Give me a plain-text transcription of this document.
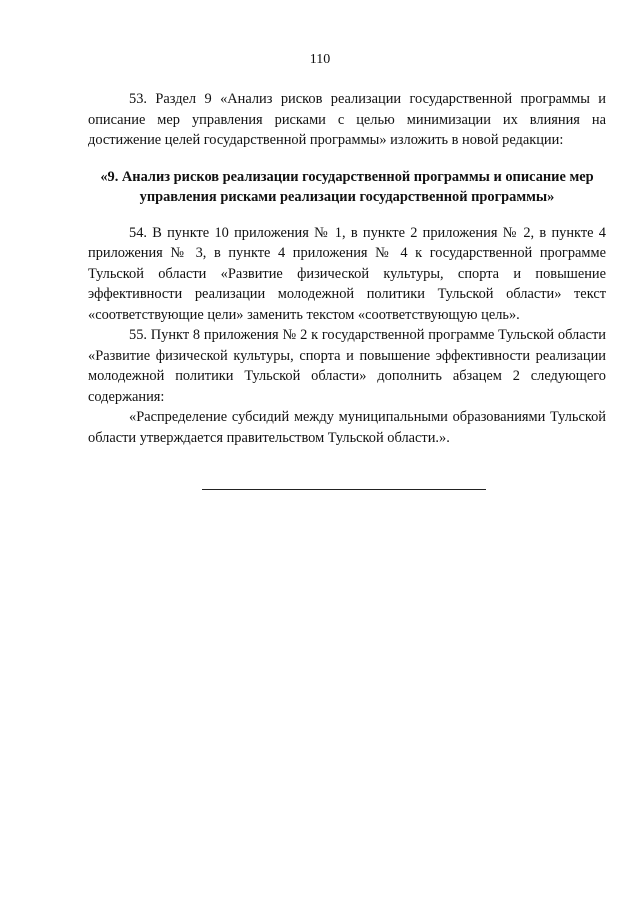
110

53. Раздел 9 «Анализ рисков реализации государственной программы и описание мер управления рисками с целью минимизации их влияния на достижение целей государственной программы» изложить в новой редакции:

«9. Анализ рисков реализации государственной программы и описание мер управления рисками реализации государственной программы»

54. В пункте 10 приложения № 1, в пункте 2 приложения № 2, в пункте 4 приложения № 3, в пункте 4 приложения № 4 к государственной программе Тульской области «Развитие физической культуры, спорта и повышение эффективности реализации молодежной политики Тульской области» текст «соответствующие цели» заменить текстом «соответствующую цель».

55. Пункт 8 приложения № 2 к государственной программе Тульской области «Развитие физической культуры, спорта и повышение эффективности реализации молодежной политики Тульской области» дополнить абзацем 2 следующего содержания:

«Распределение субсидий между муниципальными образованиями Тульской области утверждается правительством Тульской области.».
